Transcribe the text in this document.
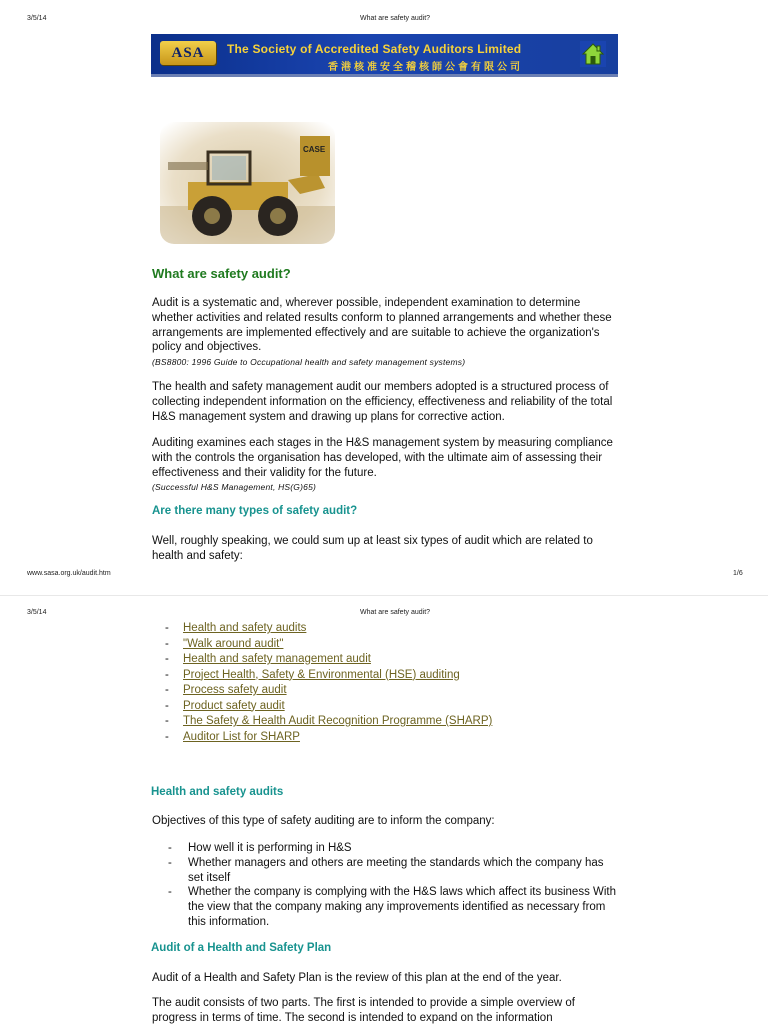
3/5/14	What are safety audit?
ASA	The Society of Accredited Safety Auditors Limited
香港核准安全稽核師公會有限公司
CASE
What are safety audit?

Audit is a systematic and, wherever possible, independent examination to determine whether activities and related results conform to planned arrangements and whether these arrangements are implemented effectively and are suitable to achieve the organization's policy and objectives.
(BS8800: 1996 Guide to Occupational health and safety management systems)

The health and safety management audit our members adopted is a structured process of collecting independent information on the efficiency, effectiveness and reliability of the total H&S management system and drawing up plans for corrective action.

Auditing examines each stages in the H&S management system by measuring compliance with the controls the organisation has developed, with the ultimate aim of assessing their effectiveness and their validity for the future.
(Successful H&S Management, HS(G)65)

Are there many types of safety audit?

Well, roughly speaking, we could sum up at least six types of audit which are related to health and safety:

www.sasa.org.uk/audit.htm	1/6
3/5/14	What are safety audit?
- Health and safety audits
- "Walk around audit"
- Health and safety management audit
- Project Health, Safety & Environmental (HSE) auditing
- Process safety audit
- Product safety audit
- The Safety & Health Audit Recognition Programme (SHARP)
- Auditor List for SHARP
Health and safety audits

Objectives of this type of safety auditing are to inform the company:

- How well it is performing in H&S
- Whether managers and others are meeting the standards which the company has set itself
- Whether the company is complying with the H&S laws which affect its business With the view that the company making any improvements identified as necessary from this information.
Audit of a Health and Safety Plan

Audit of a Health and Safety Plan is the review of this plan at the end of the year.

The audit consists of two parts. The first is intended to provide a simple overview of progress in terms of time. The second is intended to expand on the information
